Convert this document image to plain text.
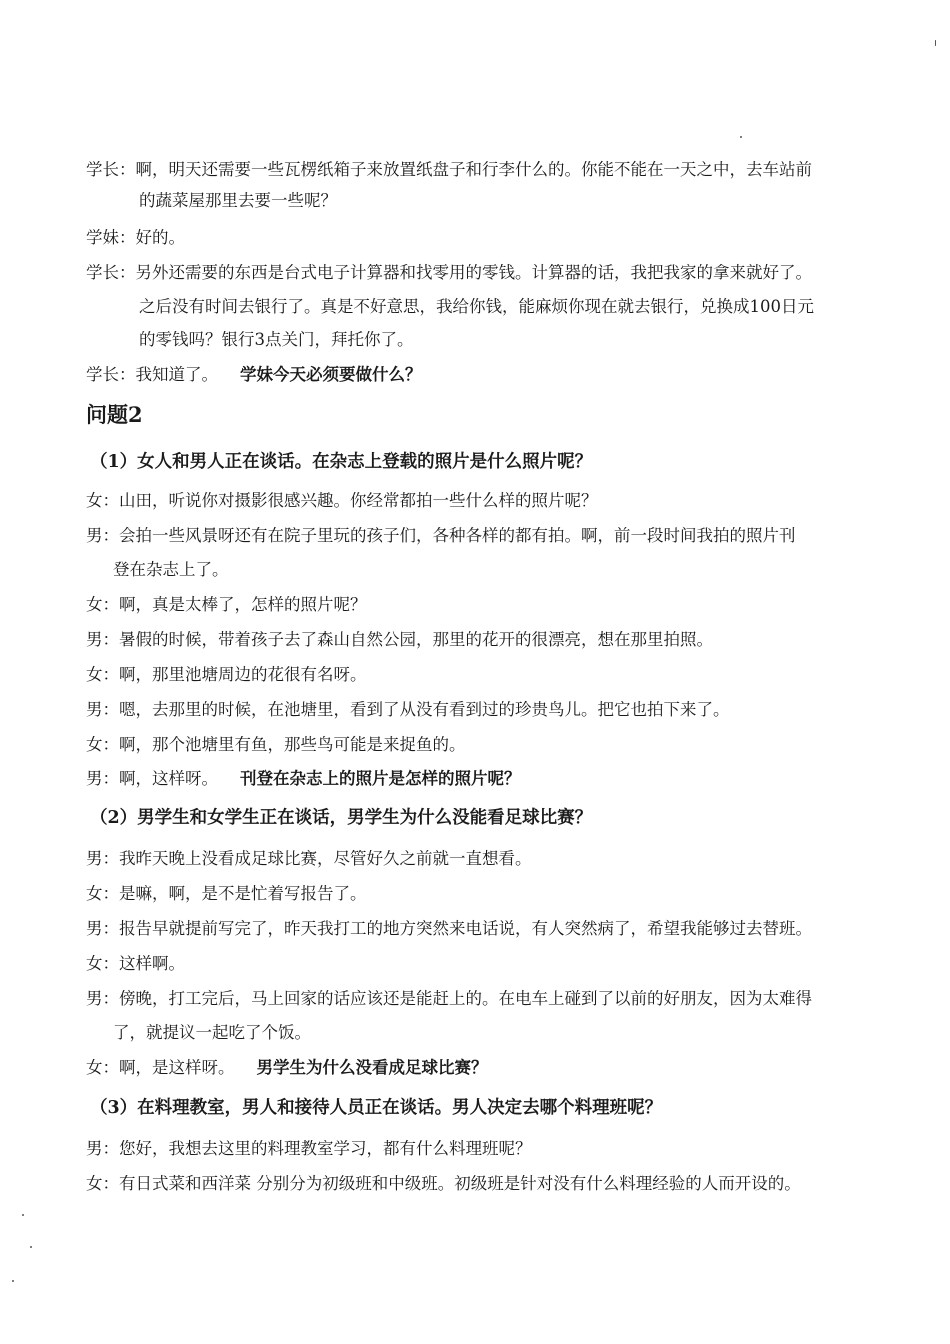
学长：啊，明天还需要一些瓦楞纸箱子来放置纸盘子和行李什么的。你能不能在一天之中，去车站前
的蔬菜屋那里去要一些呢？
学妹：好的。
学长：另外还需要的东西是台式电子计算器和找零用的零钱。计算器的话，我把我家的拿来就好了。
之后没有时间去银行了。真是不好意思，我给你钱，能麻烦你现在就去银行，兑换成100日元
的零钱吗？银行3点关门，拜托你了。
学长：我知道了。 学妹今天必须要做什么？
问题2
（1）女人和男人正在谈话。在杂志上登载的照片是什么照片呢？
女：山田，听说你对摄影很感兴趣。你经常都拍一些什么样的照片呢？
男：会拍一些风景呀还有在院子里玩的孩子们，各种各样的都有拍。啊，前一段时间我拍的照片刊
登在杂志上了。
女：啊，真是太棒了，怎样的照片呢？
男：暑假的时候，带着孩子去了森山自然公园，那里的花开的很漂亮，想在那里拍照。
女：啊，那里池塘周边的花很有名呀。
男：嗯，去那里的时候，在池塘里，看到了从没有看到过的珍贵鸟儿。把它也拍下来了。
女：啊，那个池塘里有鱼，那些鸟可能是来捉鱼的。
男：啊，这样呀。 刊登在杂志上的照片是怎样的照片呢？
（2）男学生和女学生正在谈话，男学生为什么没能看足球比赛？
男：我昨天晚上没看成足球比赛，尽管好久之前就一直想看。
女：是嘛，啊，是不是忙着写报告了。
男：报告早就提前写完了，昨天我打工的地方突然来电话说，有人突然病了，希望我能够过去替班。
女：这样啊。
男：傍晚，打工完后，马上回家的话应该还是能赶上的。在电车上碰到了以前的好朋友，因为太难得
了，就提议一起吃了个饭。
女：啊，是这样呀。 男学生为什么没看成足球比赛？
（3）在料理教室，男人和接待人员正在谈话。男人决定去哪个料理班呢？
男：您好，我想去这里的料理教室学习，都有什么料理班呢？
女：有日式菜和西洋菜 分别分为初级班和中级班。初级班是针对没有什么料理经验的人而开设的。
